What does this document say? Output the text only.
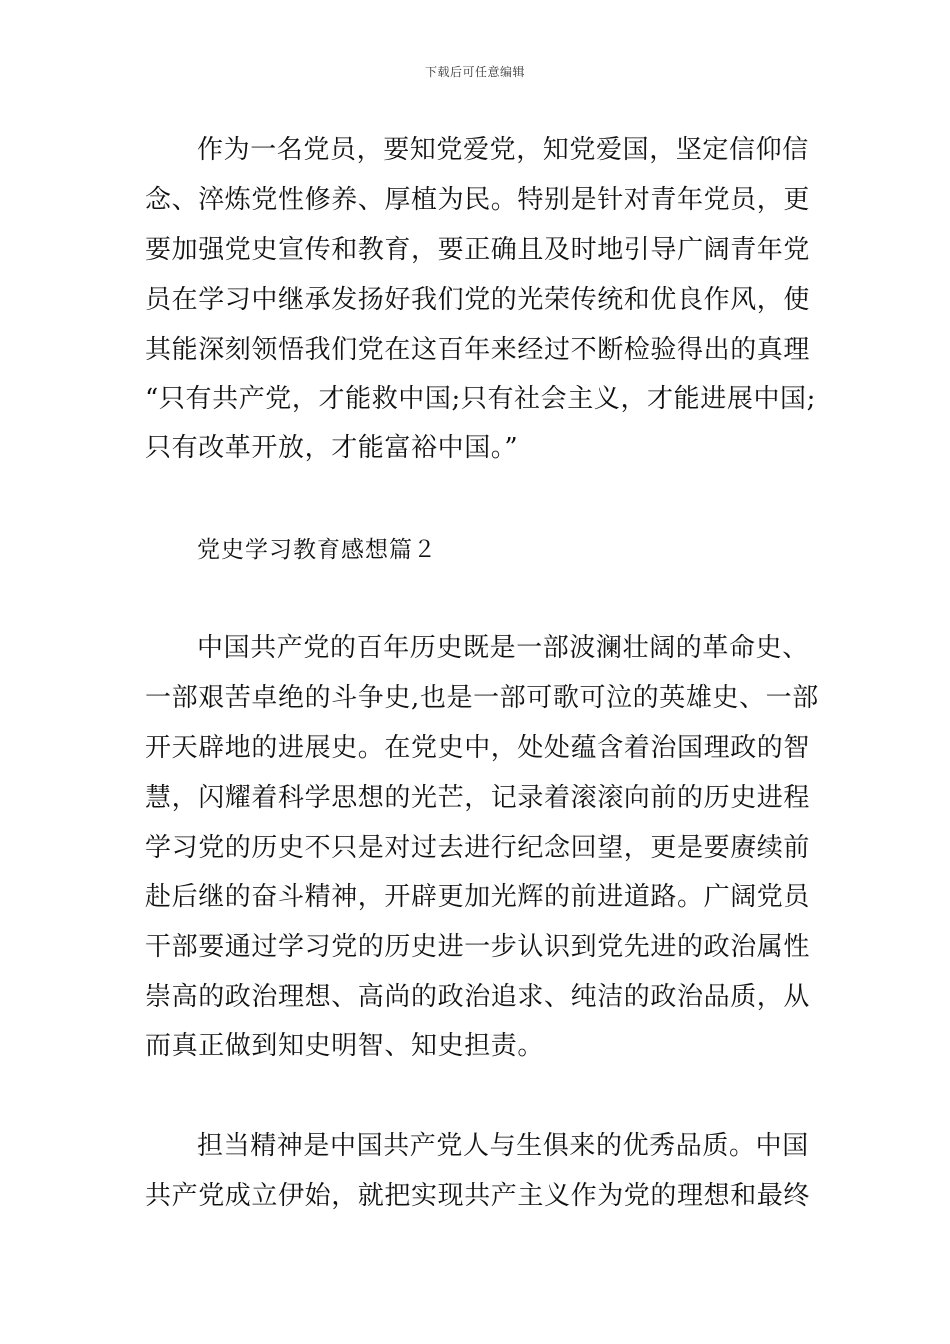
下载后可任意编辑
作为一名党员，要知党爱党，知党爱国，坚定信仰信
念、淬炼党性修养、厚植为民。特别是针对青年党员，更
要加强党史宣传和教育，要正确且及时地引导广阔青年党
员在学习中继承发扬好我们党的光荣传统和优良作风，使
其能深刻领悟我们党在这百年来经过不断检验得出的真理
“只有共产党，才能救中国;只有社会主义，才能进展中国;
只有改革开放，才能富裕中国。”
党史学习教育感想篇２
中国共产党的百年历史既是一部波澜壮阔的革命史、
一部艰苦卓绝的斗争史,也是一部可歌可泣的英雄史、一部
开天辟地的进展史。在党史中，处处蕴含着治国理政的智
慧，闪耀着科学思想的光芒，记录着滚滚向前的历史进程
学习党的历史不只是对过去进行纪念回望，更是要赓续前
赴后继的奋斗精神，开辟更加光辉的前进道路。广阔党员
干部要通过学习党的历史进一步认识到党先进的政治属性
崇高的政治理想、高尚的政治追求、纯洁的政治品质，从
而真正做到知史明智、知史担责。
担当精神是中国共产党人与生俱来的优秀品质。中国
共产党成立伊始，就把实现共产主义作为党的理想和最终
